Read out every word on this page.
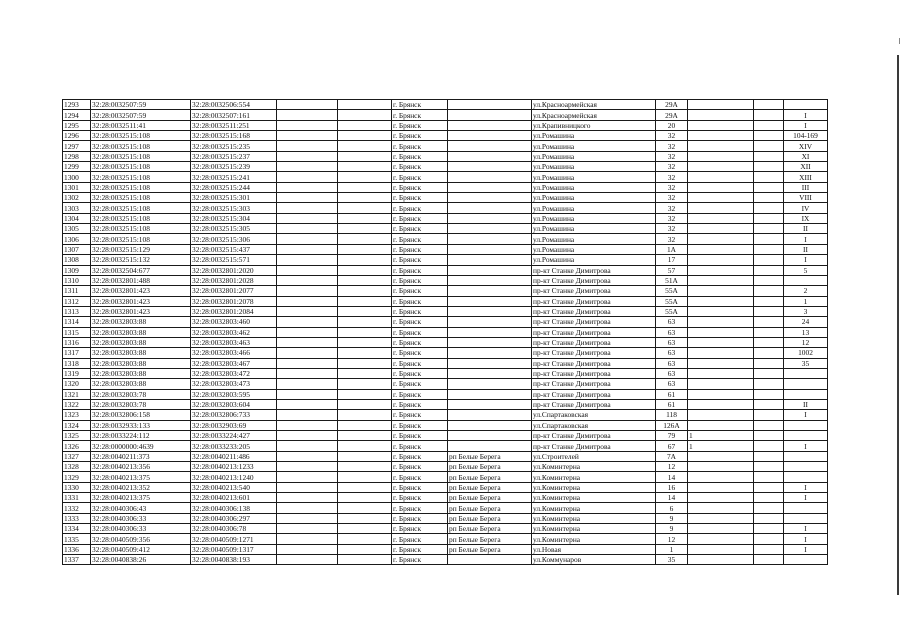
1293	32:28:0032507:59	32:28:0032506:554			г. Брянск		ул.Красноармейская	29А			
1294	32:28:0032507:59	32:28:0032507:161			г. Брянск		ул.Красноармейская	29А			I
1295	32:28:0032511:41	32:28:0032511:251			г. Брянск		ул.Крапивницкого	20			I
1296	32:28:0032515:108	32:28:0032515:168			г. Брянск		ул.Ромашина	32			104-169
1297	32:28:0032515:108	32:28:0032515:235			г. Брянск		ул.Ромашина	32			XIV
1298	32:28:0032515:108	32:28:0032515:237			г. Брянск		ул.Ромашина	32			XI
1299	32:28:0032515:108	32:28:0032515:239			г. Брянск		ул.Ромашина	32			XII
1300	32:28:0032515:108	32:28:0032515:241			г. Брянск		ул.Ромашина	32			XIII
1301	32:28:0032515:108	32:28:0032515:244			г. Брянск		ул.Ромашина	32			III
1302	32:28:0032515:108	32:28:0032515:301			г. Брянск		ул.Ромашина	32			VIII
1303	32:28:0032515:108	32:28:0032515:303			г. Брянск		ул.Ромашина	32			IV
1304	32:28:0032515:108	32:28:0032515:304			г. Брянск		ул.Ромашина	32			IX
1305	32:28:0032515:108	32:28:0032515:305			г. Брянск		ул.Ромашина	32			II
1306	32:28:0032515:108	32:28:0032515:306			г. Брянск		ул.Ромашина	32			I
1307	32:28:0032515:129	32:28:0032515:437			г. Брянск		ул.Ромашина	1А			II
1308	32:28:0032515:132	32:28:0032515:571			г. Брянск		ул.Ромашина	17			I
1309	32:28:0032504:677	32:28:0032801:2020			г. Брянск		пр-кт Станке Димитрова	57			5
1310	32:28:0032801:488	32:28:0032801:2028			г. Брянск		пр-кт Станке Димитрова	51А			
1311	32:28:0032801:423	32:28:0032801:2077			г. Брянск		пр-кт Станке Димитрова	55А			2
1312	32:28:0032801:423	32:28:0032801:2078			г. Брянск		пр-кт Станке Димитрова	55А			1
1313	32:28:0032801:423	32:28:0032801:2084			г. Брянск		пр-кт Станке Димитрова	55А			3
1314	32:28:0032803:88	32:28:0032803:460			г. Брянск		пр-кт Станке Димитрова	63			24
1315	32:28:0032803:88	32:28:0032803:462			г. Брянск		пр-кт Станке Димитрова	63			13
1316	32:28:0032803:88	32:28:0032803:463			г. Брянск		пр-кт Станке Димитрова	63			12
1317	32:28:0032803:88	32:28:0032803:466			г. Брянск		пр-кт Станке Димитрова	63			1002
1318	32:28:0032803:88	32:28:0032803:467			г. Брянск		пр-кт Станке Димитрова	63			35
1319	32:28:0032803:88	32:28:0032803:472			г. Брянск		пр-кт Станке Димитрова	63			
1320	32:28:0032803:88	32:28:0032803:473			г. Брянск		пр-кт Станке Димитрова	63			
1321	32:28:0032803:78	32:28:0032803:595			г. Брянск		пр-кт Станке Димитрова	61			
1322	32:28:0032803:78	32:28:0032803:604			г. Брянск		пр-кт Станке Димитрова	61			II
1323	32:28:0032806:158	32:28:0032806:733			г. Брянск		ул.Спартаковская	118			I
1324	32:28:0032933:133	32:28:0032903:69			г. Брянск		ул.Спартаковская	126А			
1325	32:28:0033224:112	32:28:0033224:427			г. Брянск		пр-кт Станке Димитрова	79	1		
1326	32:28:0000000:4639	32:28:0033233:205			г. Брянск		пр-кт Станке Димитрова	67	1		I
1327	32:28:0040211:373	32:28:0040211:486			г. Брянск	рп Белые Берега	ул.Строителей	7А			
1328	32:28:0040213:356	32:28:0040213:1233			г. Брянск	рп Белые Берега	ул.Коминтерна	12			
1329	32:28:0040213:375	32:28:0040213:1240			г. Брянск	рп Белые Берега	ул.Коминтерна	14			
1330	32:28:0040213:352	32:28:0040213:540			г. Брянск	рп Белые Берега	ул.Коминтерна	16			I
1331	32:28:0040213:375	32:28:0040213:601			г. Брянск	рп Белые Берега	ул.Коминтерна	14			I
1332	32:28:0040306:43	32:28:0040306:138			г. Брянск	рп Белые Берега	ул.Коминтерна	6			
1333	32:28:0040306:33	32:28:0040306:297			г. Брянск	рп Белые Берега	ул.Коминтерна	9			
1334	32:28:0040306:33	32:28:0040306:78			г. Брянск	рп Белые Берега	ул.Коминтерна	9			I
1335	32:28:0040509:356	32:28:0040509:1271			г. Брянск	рп Белые Берега	ул.Коминтерна	12			I
1336	32:28:0040509:412	32:28:0040509:1317			г. Брянск	рп Белые Берега	ул.Новая	1			I
1337	32:28:0040838:26	32:28:0040838:193			г. Брянск		ул.Коммунаров	35			
